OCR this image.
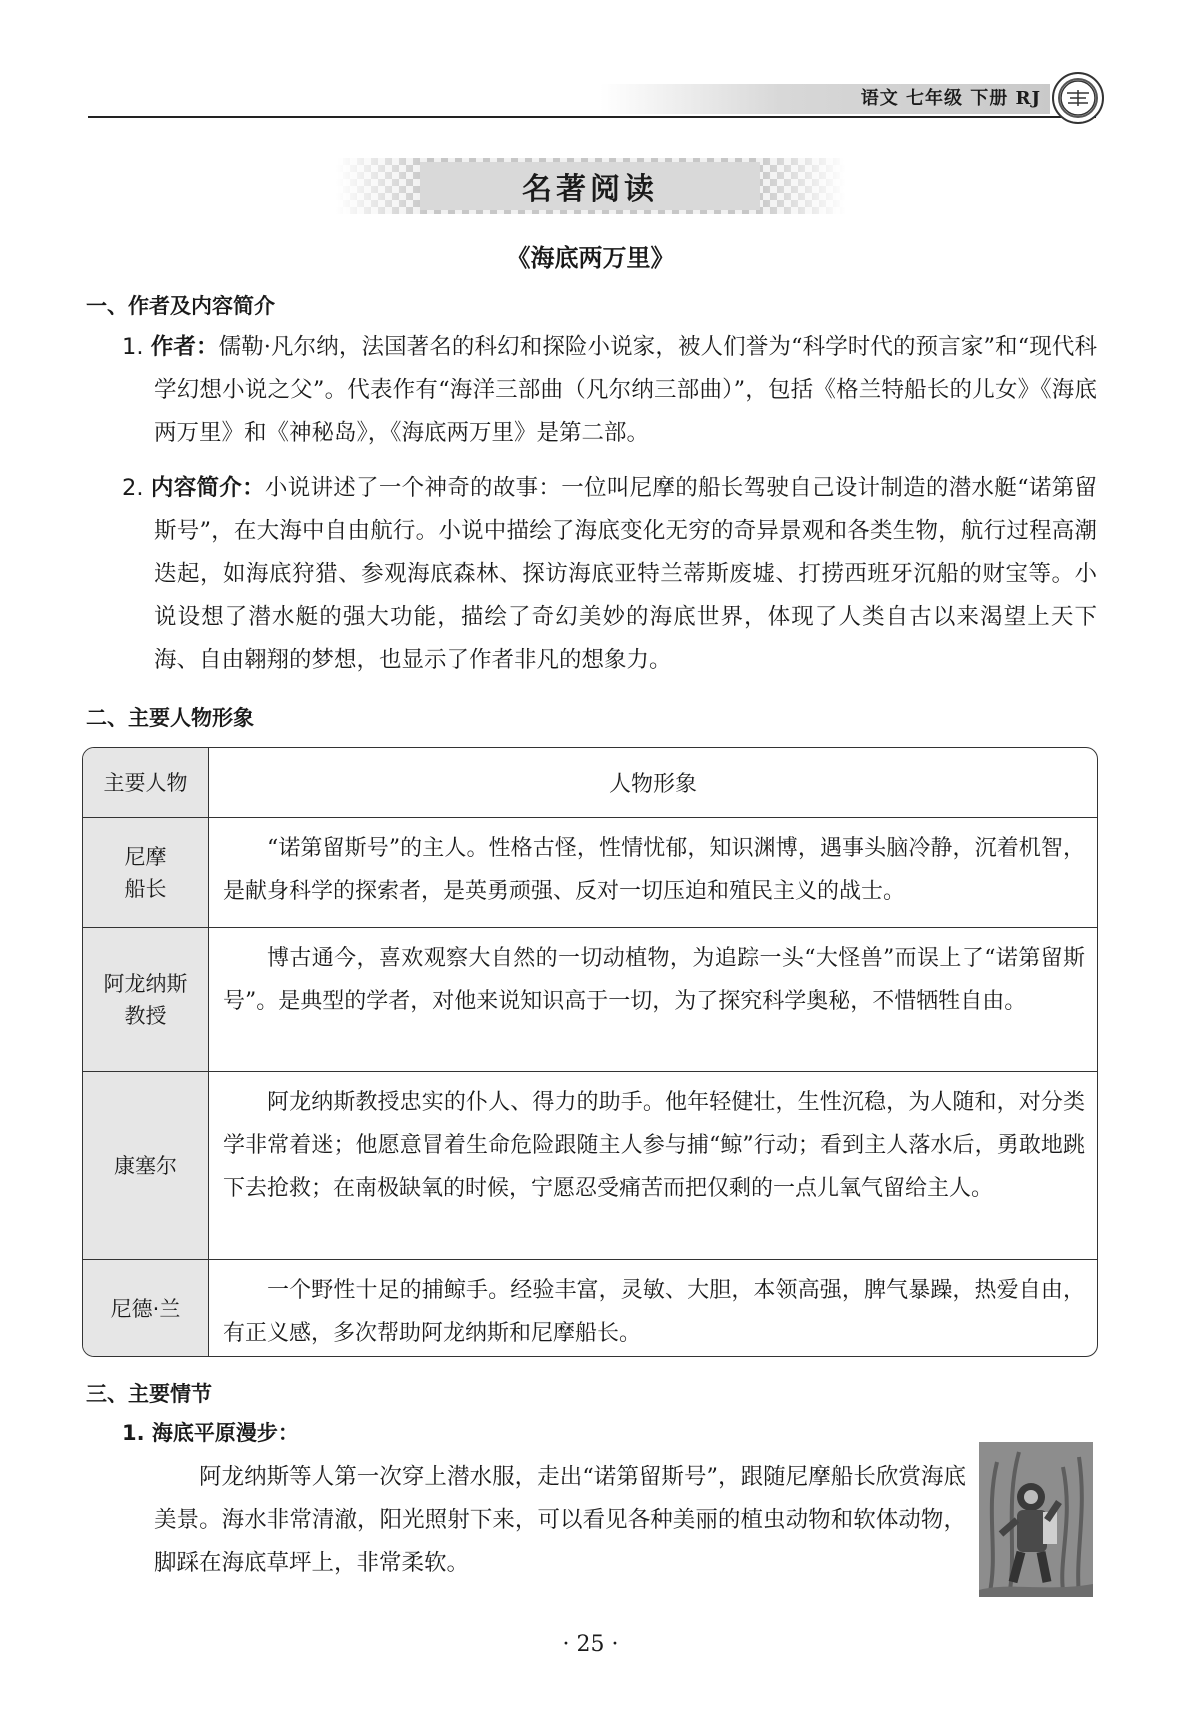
语文 七年级 下册 RJ
名著阅读
《海底两万里》
一、作者及内容简介
1. 作者：儒勒·凡尔纳，法国著名的科幻和探险小说家，被人们誉为“科学时代的预言家”和“现代科学幻想小说之父”。代表作有“海洋三部曲（凡尔纳三部曲）”，包括《格兰特船长的儿女》《海底两万里》和《神秘岛》，《海底两万里》是第二部。
2. 内容简介：小说讲述了一个神奇的故事：一位叫尼摩的船长驾驶自己设计制造的潜水艇“诺第留斯号”，在大海中自由航行。小说中描绘了海底变化无穷的奇异景观和各类生物，航行过程高潮迭起，如海底狩猎、参观海底森林、探访海底亚特兰蒂斯废墟、打捞西班牙沉船的财宝等。小说设想了潜水艇的强大功能，描绘了奇幻美妙的海底世界，体现了人类自古以来渴望上天下海、自由翱翔的梦想，也显示了作者非凡的想象力。
二、主要人物形象
主要人物	人物形象
尼摩
船长
“诺第留斯号”的主人。性格古怪，性情忧郁，知识渊博，遇事头脑冷静，沉着机智，是献身科学的探索者，是英勇顽强、反对一切压迫和殖民主义的战士。
阿龙纳斯
教授
博古通今，喜欢观察大自然的一切动植物，为追踪一头“大怪兽”而误上了“诺第留斯号”。是典型的学者，对他来说知识高于一切，为了探究科学奥秘，不惜牺牲自由。
康塞尔
阿龙纳斯教授忠实的仆人、得力的助手。他年轻健壮，生性沉稳，为人随和，对分类学非常着迷；他愿意冒着生命危险跟随主人参与捕“鲸”行动；看到主人落水后，勇敢地跳下去抢救；在南极缺氧的时候，宁愿忍受痛苦而把仅剩的一点儿氧气留给主人。
尼德·兰
一个野性十足的捕鲸手。经验丰富，灵敏、大胆，本领高强，脾气暴躁，热爱自由，有正义感，多次帮助阿龙纳斯和尼摩船长。
三、主要情节
1. 海底平原漫步：
阿龙纳斯等人第一次穿上潜水服，走出“诺第留斯号”，跟随尼摩船长欣赏海底美景。海水非常清澈，阳光照射下来，可以看见各种美丽的植虫动物和软体动物，脚踩在海底草坪上，非常柔软。
· 25 ·
